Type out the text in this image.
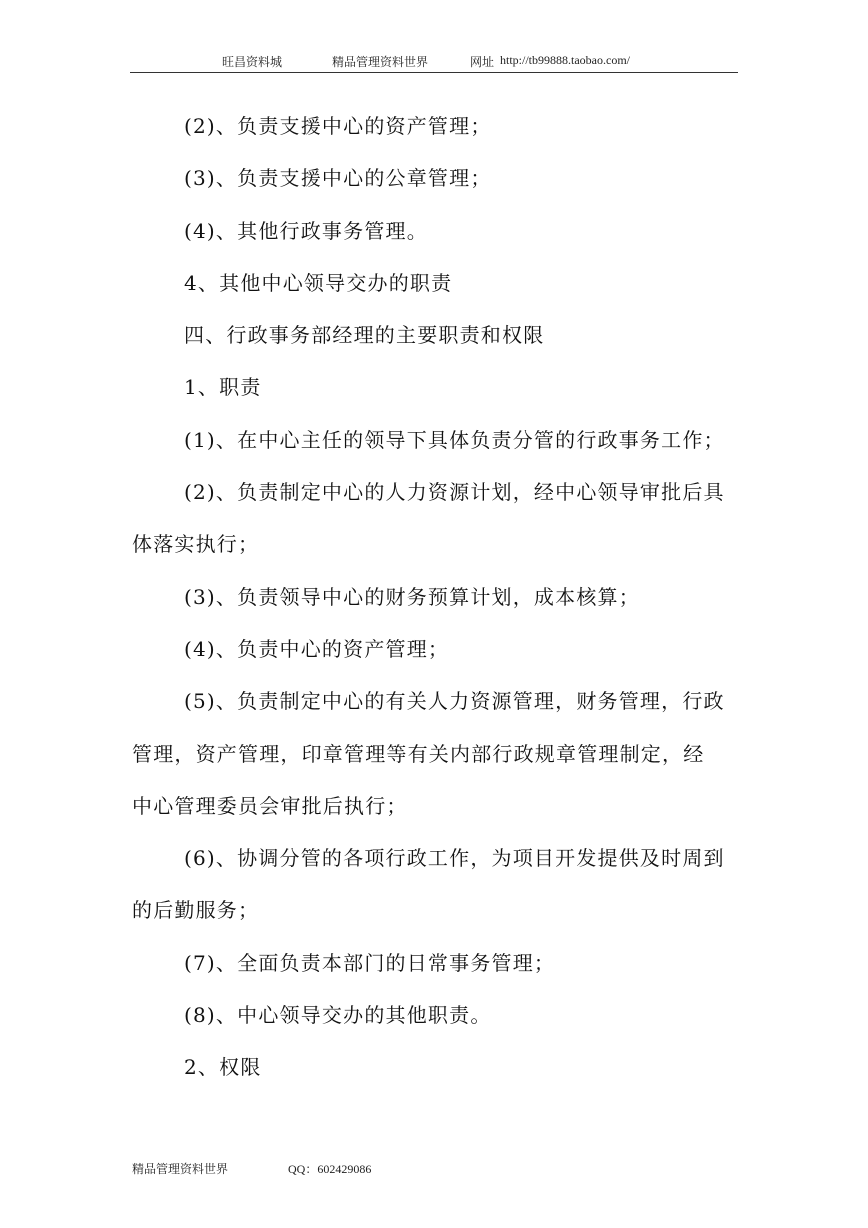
旺昌资料城	精品管理资料世界	网址 http://tb99888.taobao.com/

(2)、负责支援中心的资产管理；

(3)、负责支援中心的公章管理；

(4)、其他行政事务管理。

4、其他中心领导交办的职责

四、行政事务部经理的主要职责和权限

1、职责

(1)、在中心主任的领导下具体负责分管的行政事务工作；

(2)、负责制定中心的人力资源计划，经中心领导审批后具

体落实执行；

(3)、负责领导中心的财务预算计划，成本核算；

(4)、负责中心的资产管理；

(5)、负责制定中心的有关人力资源管理，财务管理，行政

管理，资产管理，印章管理等有关内部行政规章管理制定，经

中心管理委员会审批后执行；

(6)、协调分管的各项行政工作，为项目开发提供及时周到

的后勤服务；

(7)、全面负责本部门的日常事务管理；

(8)、中心领导交办的其他职责。

2、权限

精品管理资料世界	QQ：602429086
